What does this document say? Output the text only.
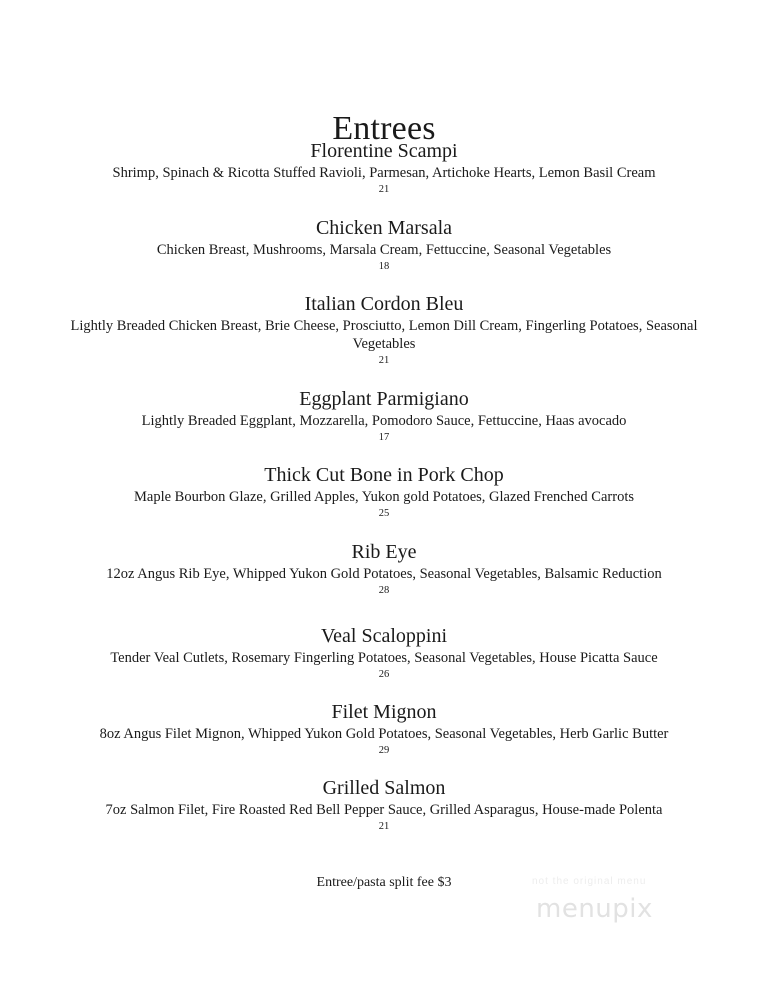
Entrees
Florentine Scampi
Shrimp, Spinach & Ricotta Stuffed Ravioli, Parmesan, Artichoke Hearts, Lemon Basil Cream
21
Chicken Marsala
Chicken Breast, Mushrooms, Marsala Cream, Fettuccine, Seasonal Vegetables
18
Italian Cordon Bleu
Lightly Breaded Chicken Breast, Brie Cheese, Prosciutto, Lemon Dill Cream, Fingerling Potatoes, Seasonal Vegetables
21
Eggplant Parmigiano
Lightly Breaded Eggplant, Mozzarella, Pomodoro Sauce, Fettuccine, Haas avocado
17
Thick Cut Bone in Pork Chop
Maple Bourbon Glaze, Grilled Apples, Yukon gold Potatoes, Glazed Frenched Carrots
25
Rib Eye
12oz Angus Rib Eye, Whipped Yukon Gold Potatoes, Seasonal Vegetables, Balsamic Reduction
28
Veal Scaloppini
Tender Veal Cutlets, Rosemary Fingerling Potatoes, Seasonal Vegetables, House Picatta Sauce
26
Filet Mignon
8oz Angus Filet Mignon, Whipped Yukon Gold Potatoes, Seasonal Vegetables, Herb Garlic Butter
29
Grilled Salmon
7oz Salmon Filet, Fire Roasted Red Bell Pepper Sauce, Grilled Asparagus, House-made Polenta
21
Entree/pasta split fee $3	not the original menu
menupix
